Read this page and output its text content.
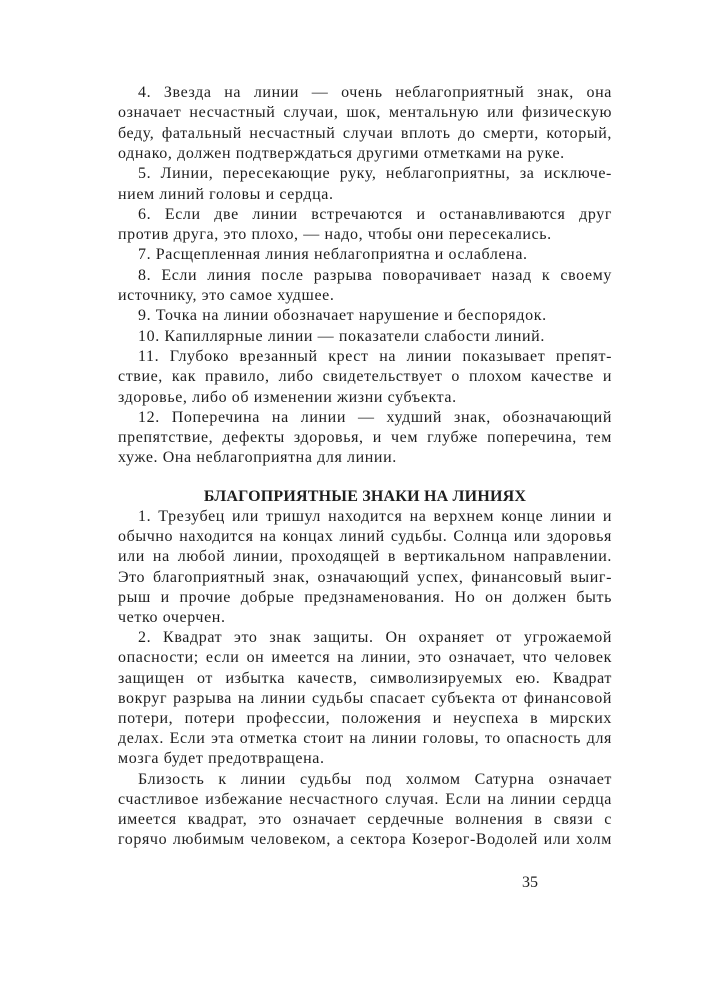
4. Звезда на линии — очень неблагоприятный знак, она
означает несчастный случаи, шок, ментальную или физическую
беду, фатальный несчастный случаи вплоть до смерти, который,
однако, должен подтверждаться другими отметками на руке.
5. Линии, пересекающие руку, неблагоприятны, за исключе-
нием линий головы и сердца.
6. Если две линии встречаются и останавливаются друг
против друга, это плохо, — надо, чтобы они пересекались.
7. Расщепленная линия неблагоприятна и ослаблена.
8. Если линия после разрыва поворачивает назад к своему
источнику, это самое худшее.
9. Точка на линии обозначает нарушение и беспорядок.
10. Капиллярные линии — показатели слабости линий.
11. Глубоко врезанный крест на линии показывает препят-
ствие, как правило, либо свидетельствует о плохом качестве и
здоровье, либо об изменении жизни субъекта.
12. Поперечина на линии — худший знак, обозначающий
препятствие, дефекты здоровья, и чем глубже поперечина, тем
хуже. Она неблагоприятна для линии.
БЛАГОПРИЯТНЫЕ ЗНАКИ НА ЛИНИЯХ
1. Трезубец или тришул находится на верхнем конце линии и
обычно находится на концах линий судьбы. Солнца или здоровья
или на любой линии, проходящей в вертикальном направлении.
Это благоприятный знак, означающий успех, финансовый выиг-
рыш и прочие добрые предзнаменования. Но он должен быть
четко очерчен.
2. Квадрат это знак защиты. Он охраняет от угрожаемой
опасности; если он имеется на линии, это означает, что человек
защищен от избытка качеств, символизируемых ею. Квадрат
вокруг разрыва на линии судьбы спасает субъекта от финансовой
потери, потери профессии, положения и неуспеха в мирских
делах. Если эта отметка стоит на линии головы, то опасность для
мозга будет предотвращена.
Близость к линии судьбы под холмом Сатурна означает
счастливое избежание несчастного случая. Если на линии сердца
имеется квадрат, это означает сердечные волнения в связи с
горячо любимым человеком, а сектора Козерог-Водолей или холм
35
